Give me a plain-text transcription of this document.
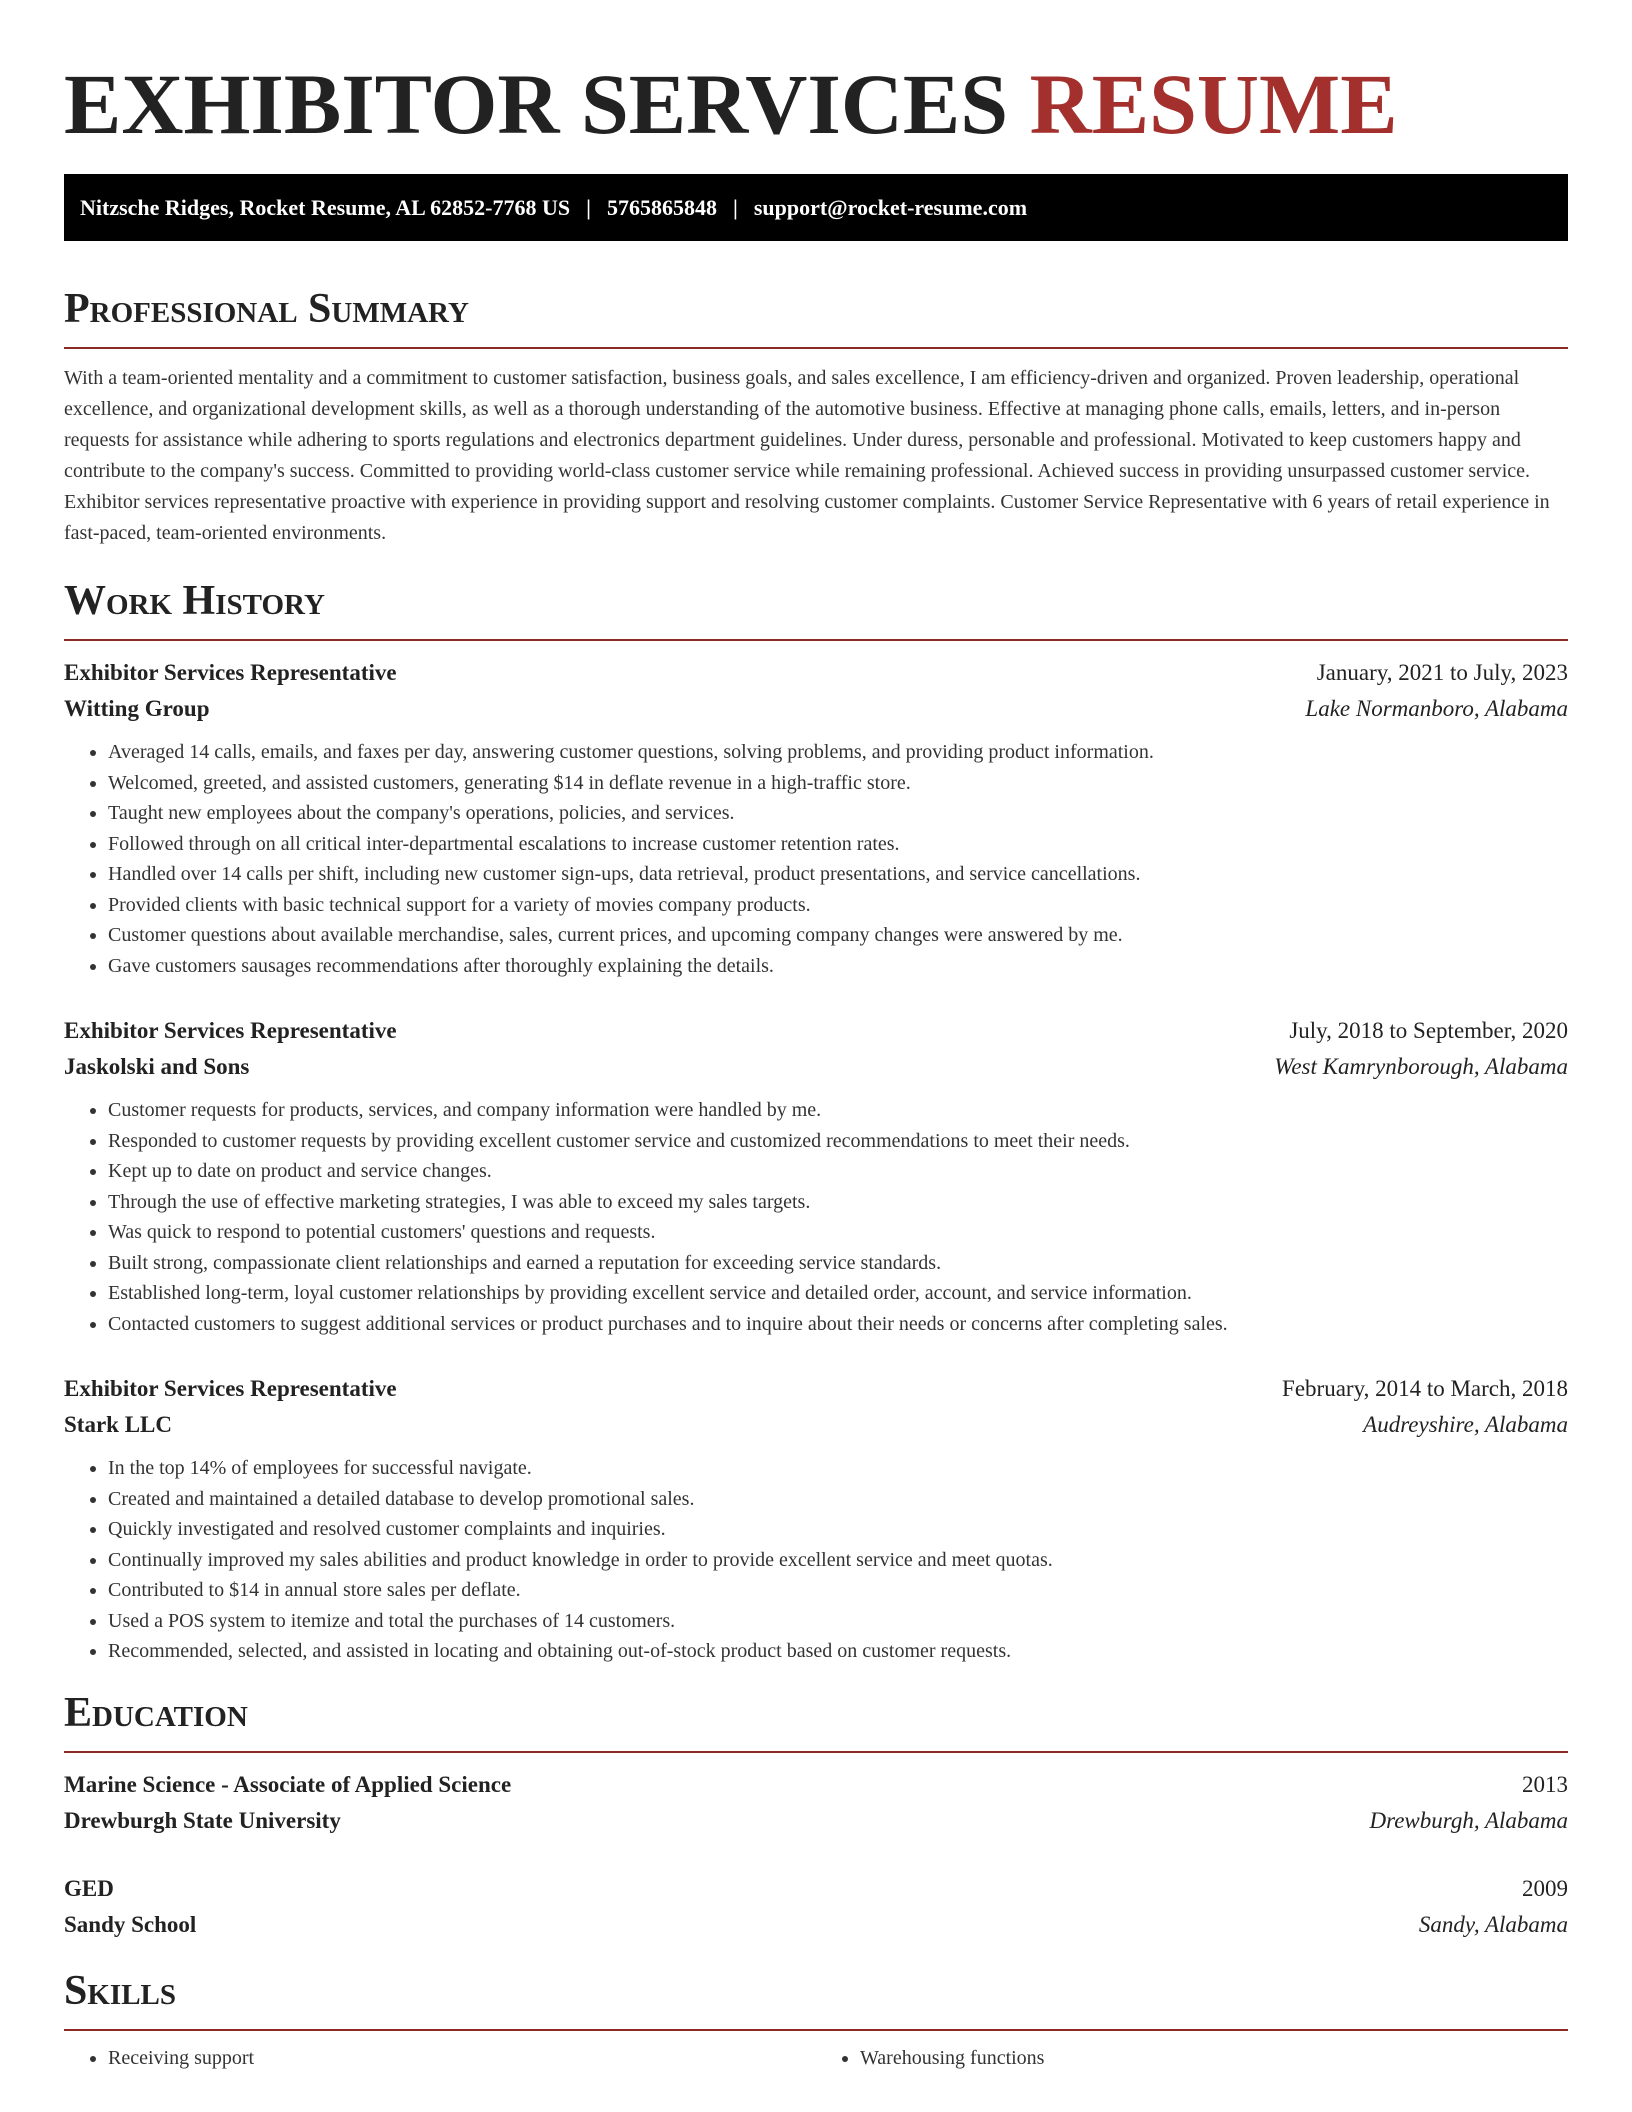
EXHIBITOR SERVICES RESUME
Nitzsche Ridges, Rocket Resume, AL 62852-7768 US | 5765865848 | support@rocket-resume.com
Professional Summary
With a team-oriented mentality and a commitment to customer satisfaction, business goals, and sales excellence, I am efficiency-driven and organized. Proven leadership, operational excellence, and organizational development skills, as well as a thorough understanding of the automotive business. Effective at managing phone calls, emails, letters, and in-person requests for assistance while adhering to sports regulations and electronics department guidelines. Under duress, personable and professional. Motivated to keep customers happy and contribute to the company's success. Committed to providing world-class customer service while remaining professional. Achieved success in providing unsurpassed customer service. Exhibitor services representative proactive with experience in providing support and resolving customer complaints. Customer Service Representative with 6 years of retail experience in fast-paced, team-oriented environments.
Work History
Exhibitor Services Representative	January, 2021 to July, 2023
Witting Group	Lake Normanboro, Alabama
• Averaged 14 calls, emails, and faxes per day, answering customer questions, solving problems, and providing product information.
• Welcomed, greeted, and assisted customers, generating $14 in deflate revenue in a high-traffic store.
• Taught new employees about the company's operations, policies, and services.
• Followed through on all critical inter-departmental escalations to increase customer retention rates.
• Handled over 14 calls per shift, including new customer sign-ups, data retrieval, product presentations, and service cancellations.
• Provided clients with basic technical support for a variety of movies company products.
• Customer questions about available merchandise, sales, current prices, and upcoming company changes were answered by me.
• Gave customers sausages recommendations after thoroughly explaining the details.
Exhibitor Services Representative	July, 2018 to September, 2020
Jaskolski and Sons	West Kamrynborough, Alabama
• Customer requests for products, services, and company information were handled by me.
• Responded to customer requests by providing excellent customer service and customized recommendations to meet their needs.
• Kept up to date on product and service changes.
• Through the use of effective marketing strategies, I was able to exceed my sales targets.
• Was quick to respond to potential customers' questions and requests.
• Built strong, compassionate client relationships and earned a reputation for exceeding service standards.
• Established long-term, loyal customer relationships by providing excellent service and detailed order, account, and service information.
• Contacted customers to suggest additional services or product purchases and to inquire about their needs or concerns after completing sales.
Exhibitor Services Representative	February, 2014 to March, 2018
Stark LLC	Audreyshire, Alabama
• In the top 14% of employees for successful navigate.
• Created and maintained a detailed database to develop promotional sales.
• Quickly investigated and resolved customer complaints and inquiries.
• Continually improved my sales abilities and product knowledge in order to provide excellent service and meet quotas.
• Contributed to $14 in annual store sales per deflate.
• Used a POS system to itemize and total the purchases of 14 customers.
• Recommended, selected, and assisted in locating and obtaining out-of-stock product based on customer requests.
Education
Marine Science - Associate of Applied Science	2013
Drewburgh State University	Drewburgh, Alabama
GED	2009
Sandy School	Sandy, Alabama
Skills
• Receiving support
•	Warehousing functions
